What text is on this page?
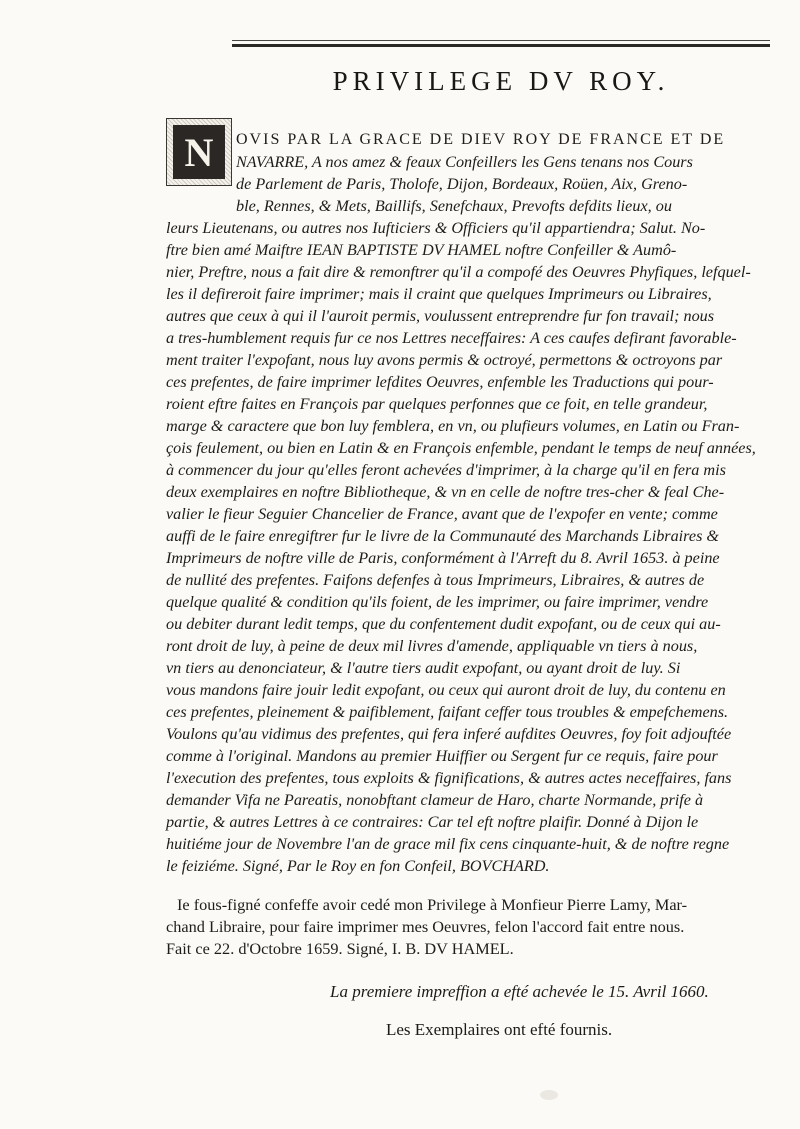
PRIVILEGE DV ROY.
N	OVIS PAR LA GRACE DE DIEV ROY DE FRANCE ET DE
NAVARRE, A nos amez & feaux Confeillers les Gens tenans nos Cours
de Parlement de Paris, Tholofe, Dijon, Bordeaux, Roüen, Aix, Greno-
ble, Rennes, & Mets, Baillifs, Senefchaux, Prevofts defdits lieux, ou
leurs Lieutenans, ou autres nos Iufticiers & Officiers qu'il appartiendra; Salut. No-
ftre bien amé Maiftre IEAN BAPTISTE DV HAMEL noftre Confeiller & Aumô-
nier, Preftre, nous a fait dire & remonftrer qu'il a compofé des Oeuvres Phyfiques, lefquel-
les il defireroit faire imprimer; mais il craint que quelques Imprimeurs ou Libraires,
autres que ceux à qui il l'auroit permis, voulussent entreprendre fur fon travail; nous
a tres-humblement requis fur ce nos Lettres neceffaires: A ces caufes defirant favorable-
ment traiter l'expofant, nous luy avons permis & octroyé, permettons & octroyons par
ces prefentes, de faire imprimer lefdites Oeuvres, enfemble les Traductions qui pour-
roient eftre faites en François par quelques perfonnes que ce foit, en telle grandeur,
marge & caractere que bon luy femblera, en vn, ou plufieurs volumes, en Latin ou Fran-
çois feulement, ou bien en Latin & en François enfemble, pendant le temps de neuf années,
à commencer du jour qu'elles feront achevées d'imprimer, à la charge qu'il en fera mis
deux exemplaires en noftre Bibliotheque, & vn en celle de noftre tres-cher & feal Che-
valier le fieur Seguier Chancelier de France, avant que de l'expofer en vente; comme
auffi de le faire enregiftrer fur le livre de la Communauté des Marchands Libraires &
Imprimeurs de noftre ville de Paris, conformément à l'Arreft du 8. Avril 1653. à peine
de nullité des prefentes. Faifons defenfes à tous Imprimeurs, Libraires, & autres de
quelque qualité & condition qu'ils foient, de les imprimer, ou faire imprimer, vendre
ou debiter durant ledit temps, que du confentement dudit expofant, ou de ceux qui au-
ront droit de luy, à peine de deux mil livres d'amende, appliquable vn tiers à nous,
vn tiers au denonciateur, & l'autre tiers audit expofant, ou ayant droit de luy. Si
vous mandons faire jouir ledit expofant, ou ceux qui auront droit de luy, du contenu en
ces prefentes, pleinement & paifiblement, faifant ceffer tous troubles & empefchemens.
Voulons qu'au vidimus des prefentes, qui fera inferé aufdites Oeuvres, foy foit adjouftée
comme à l'original. Mandons au premier Huiffier ou Sergent fur ce requis, faire pour
l'execution des prefentes, tous exploits & fignifications, & autres actes neceffaires, fans
demander Vifa ne Pareatis, nonobftant clameur de Haro, charte Normande, prife à
partie, & autres Lettres à ce contraires: Car tel eft noftre plaifir. Donné à Dijon le
huitiéme jour de Novembre l'an de grace mil fix cens cinquante-huit, & de noftre regne
le feiziéme. Signé, Par le Roy en fon Confeil, BOVCHARD.
Ie fous-figné confeffe avoir cedé mon Privilege à Monfieur Pierre Lamy, Mar-
chand Libraire, pour faire imprimer mes Oeuvres, felon l'accord fait entre nous.
Fait ce 22. d'Octobre 1659. Signé, I. B. DV HAMEL.
La premiere impreffion a efté achevée le 15. Avril 1660.
Les Exemplaires ont efté fournis.
